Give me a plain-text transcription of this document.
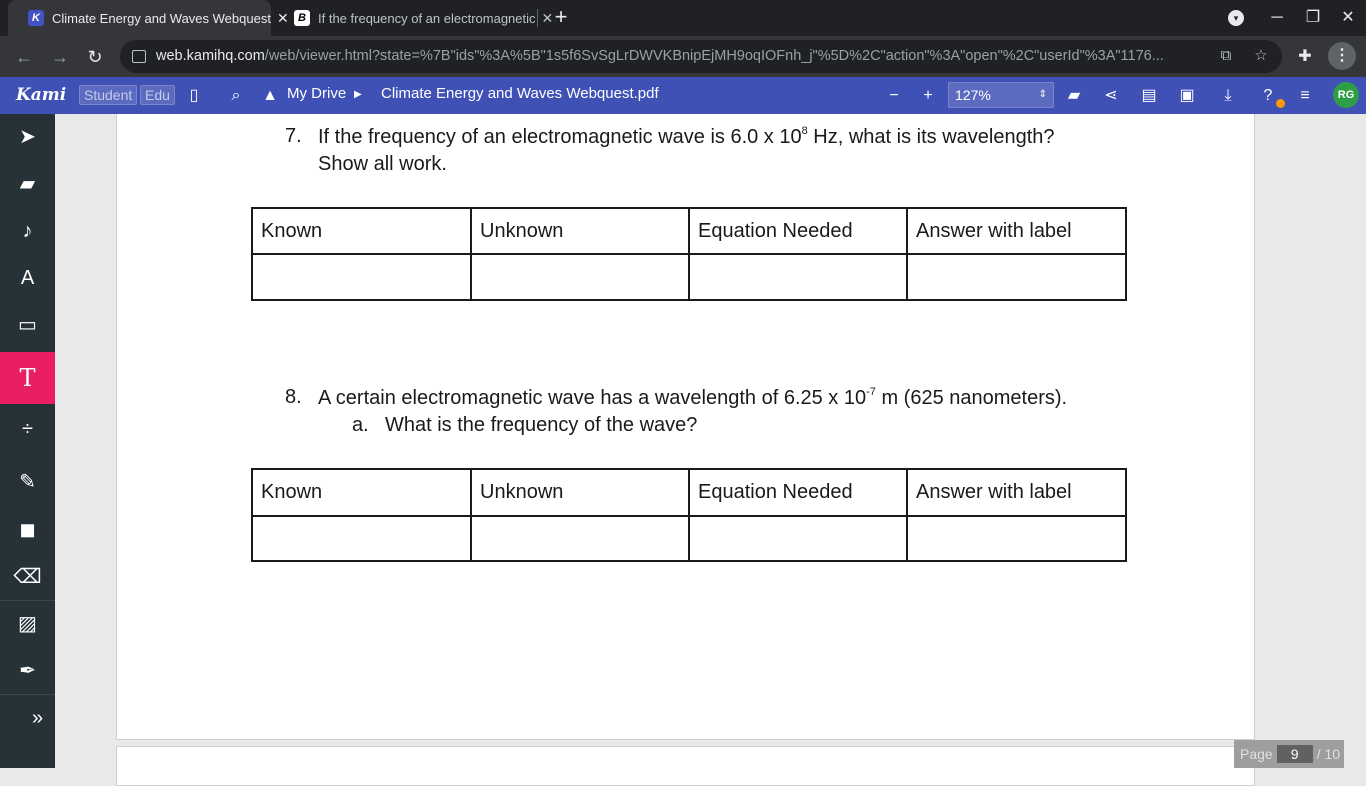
K Climate Energy and Waves Webquest ✕ B If the frequency of an electromagnetic ✕ +	▾	─	❐ ✕
← → ↻	web.kamihq.com/web/viewer.html?state=%7B"ids"%3A%5B"1s5f6SvSgLrDWVKBnipEjMH9oqIOFnh_j"%5D%2C"action"%3A"open"%2C"userId"%3A"1176...	⧉	☆	✚	⋮
Kami	Student Edu	▯	⌕	▲ My Drive ▶ Climate Energy and Waves Webquest.pdf	−	+	127%	⇕	▰	⋖ ▤ ▣	⤓	?	≡	RG
➤
▰
♪
A
▭
T
÷
✎
◼
⌫
▨
✒
»
7. If the frequency of an electromagnetic wave is 6.0 x $10^8$ Hz, what is its wavelength?
Show all work.
Known	Unknown	Equation Needed	Answer with label

8. A certain electromagnetic wave has a wavelength of 6.25 x $10^{-7}$ m (625 nanometers).
a. What is the frequency of the wave?
Known	Unknown	Equation Needed	Answer with label

Page 9 / 10
